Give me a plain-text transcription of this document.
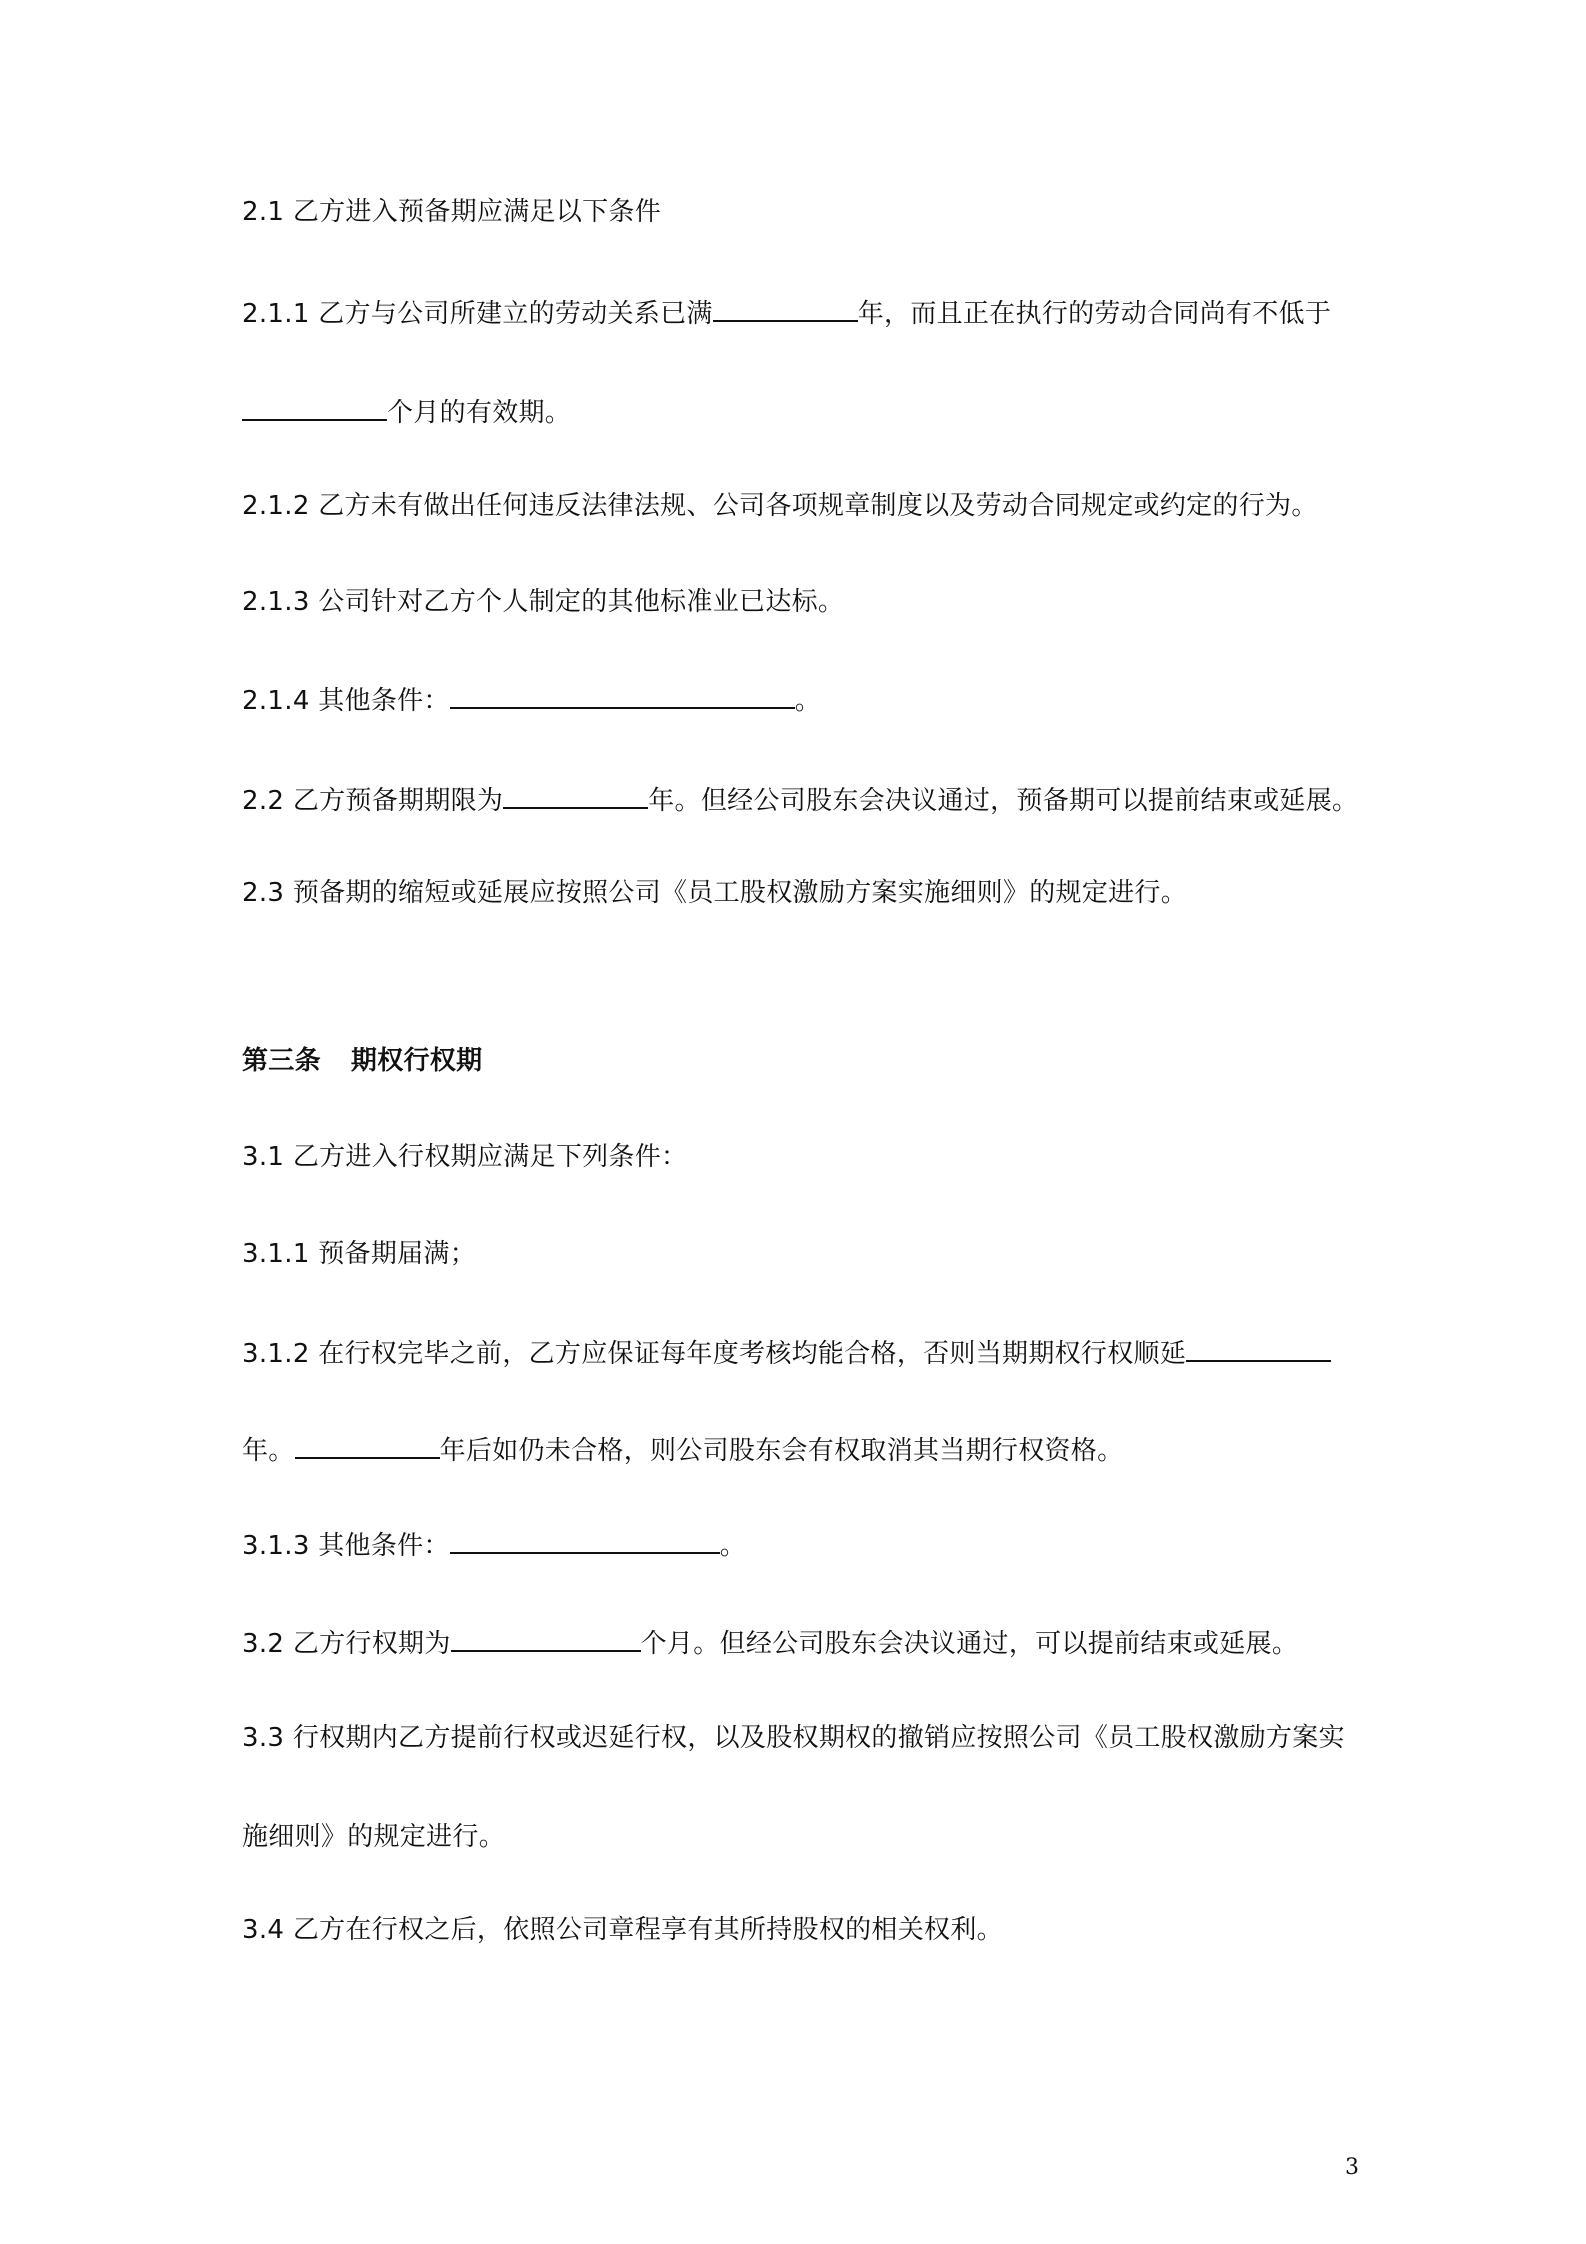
2.1 乙方进入预备期应满足以下条件
2.1.1 乙方与公司所建立的劳动关系已满	年，而且正在执行的劳动合同尚有不低于
个月的有效期。
2.1.2 乙方未有做出任何违反法律法规、公司各项规章制度以及劳动合同规定或约定的行为。
2.1.3 公司针对乙方个人制定的其他标准业已达标。
2.1.4 其他条件：	。
2.2 乙方预备期期限为	年。但经公司股东会决议通过，预备期可以提前结束或延展。
2.3 预备期的缩短或延展应按照公司《员工股权激励方案实施细则》的规定进行。
第三条 期权行权期
3.1 乙方进入行权期应满足下列条件：
3.1.1 预备期届满；
3.1.2 在行权完毕之前，乙方应保证每年度考核均能合格，否则当期期权行权顺延
年。	年后如仍未合格，则公司股东会有权取消其当期行权资格。
3.1.3 其他条件：	。
3.2 乙方行权期为	个月。但经公司股东会决议通过，可以提前结束或延展。
3.3 行权期内乙方提前行权或迟延行权，以及股权期权的撤销应按照公司《员工股权激励方案实
施细则》的规定进行。
3.4 乙方在行权之后，依照公司章程享有其所持股权的相关权利。
3
